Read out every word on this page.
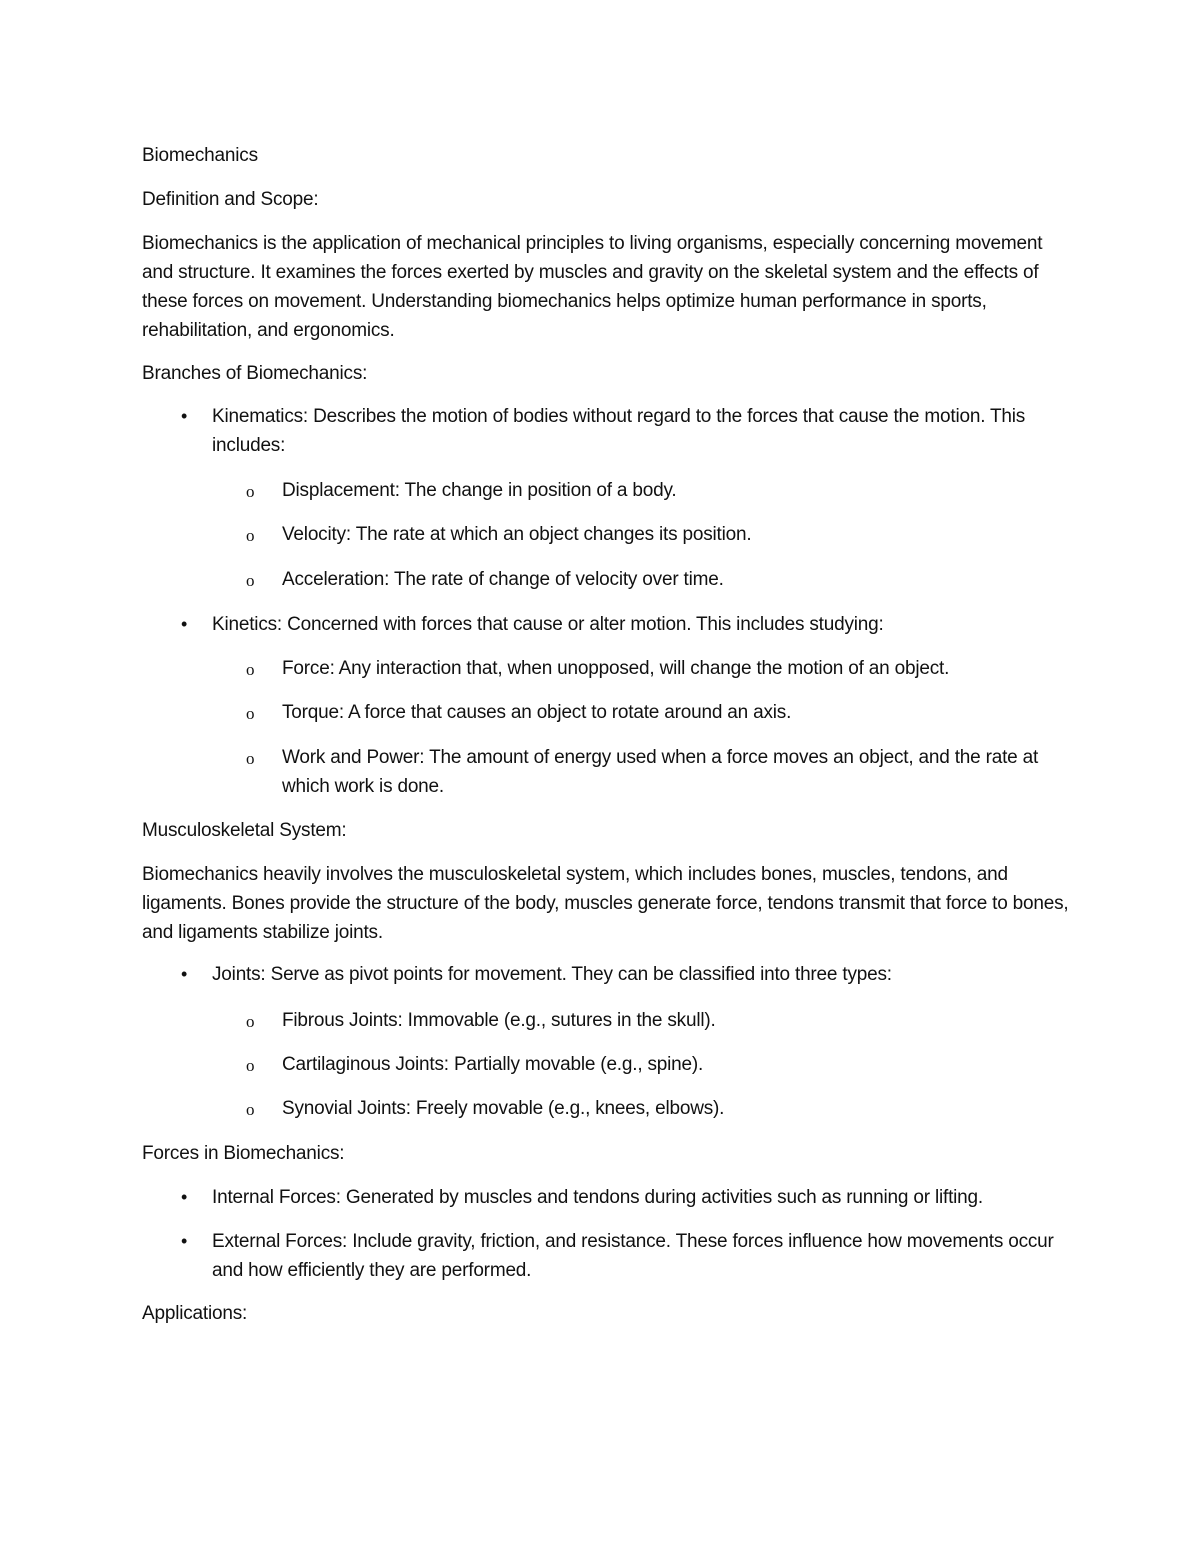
Biomechanics
Definition and Scope:
Biomechanics is the application of mechanical principles to living organisms, especially concerning movement and structure. It examines the forces exerted by muscles and gravity on the skeletal system and the effects of these forces on movement. Understanding biomechanics helps optimize human performance in sports, rehabilitation, and ergonomics.
Branches of Biomechanics:
•	Kinematics: Describes the motion of bodies without regard to the forces that cause the motion. This includes:
o Displacement: The change in position of a body.
o Velocity: The rate at which an object changes its position.
o Acceleration: The rate of change of velocity over time.
•	Kinetics: Concerned with forces that cause or alter motion. This includes studying:
o Force: Any interaction that, when unopposed, will change the motion of an object.
o Torque: A force that causes an object to rotate around an axis.
o Work and Power: The amount of energy used when a force moves an object, and the rate at which work is done.
Musculoskeletal System:
Biomechanics heavily involves the musculoskeletal system, which includes bones, muscles, tendons, and ligaments. Bones provide the structure of the body, muscles generate force, tendons transmit that force to bones, and ligaments stabilize joints.
•	Joints: Serve as pivot points for movement. They can be classified into three types:
o Fibrous Joints: Immovable (e.g., sutures in the skull).
o Cartilaginous Joints: Partially movable (e.g., spine).
o Synovial Joints: Freely movable (e.g., knees, elbows).
Forces in Biomechanics:
•	Internal Forces: Generated by muscles and tendons during activities such as running or lifting.
•	External Forces: Include gravity, friction, and resistance. These forces influence how movements occur and how efficiently they are performed.
Applications:
